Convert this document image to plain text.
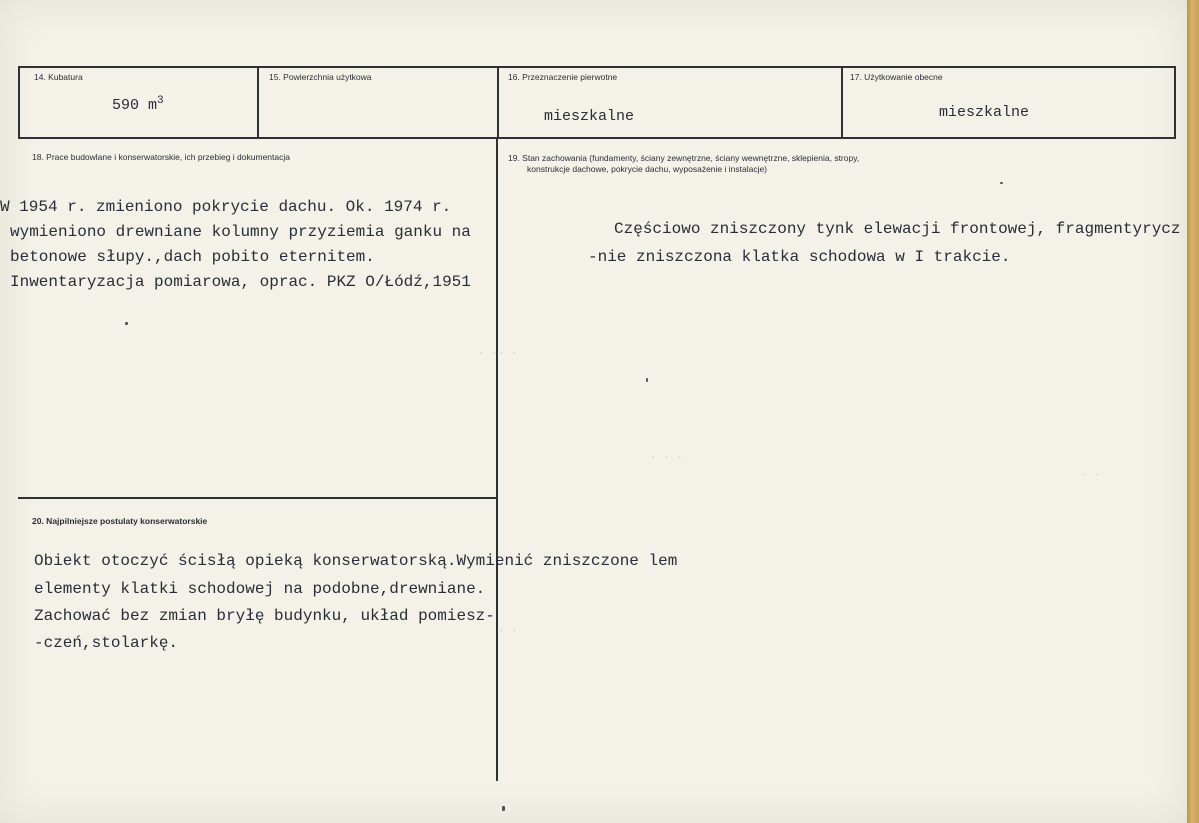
14. Kubatura
590 $m^3$
15. Powierzchnia użytkowa	16. Przeznaczenie pierwotne
mieszkalne
17. Użytkowanie obecne
mieszkalne
18. Prace budowlane i konserwatorskie, ich przebieg i dokumentacja
W 1954 r. zmieniono pokrycie dachu. Ok. 1974 r.
wymieniono drewniane kolumny przyziemia ganku na
betonowe słupy.,dach pobito eternitem.
Inwentaryzacja pomiarowa, oprac. PKZ O/Łódź,1951
19. Stan zachowania (fundamenty, ściany zewnętrzne, ściany wewnętrzne, sklepienia, stropy,
konstrukcje dachowe, pokrycie dachu, wyposażenie i instalacje)
Częściowo zniszczony tynk elewacji frontowej, fragmentyrycz
-nie zniszczona klatka schodowa w I trakcie.
20. Najpilniejsze postulaty konserwatorskie
Obiekt otoczyć ścisłą opieką konserwatorską.Wymienić zniszczone lem
elementy klatki schodowej na podobne,drewniane.
Zachować bez zmian bryłę budynku, układ pomiesz-
-czeń,stolarkę.
· ·· ·
· · ·
· ·
· ·
